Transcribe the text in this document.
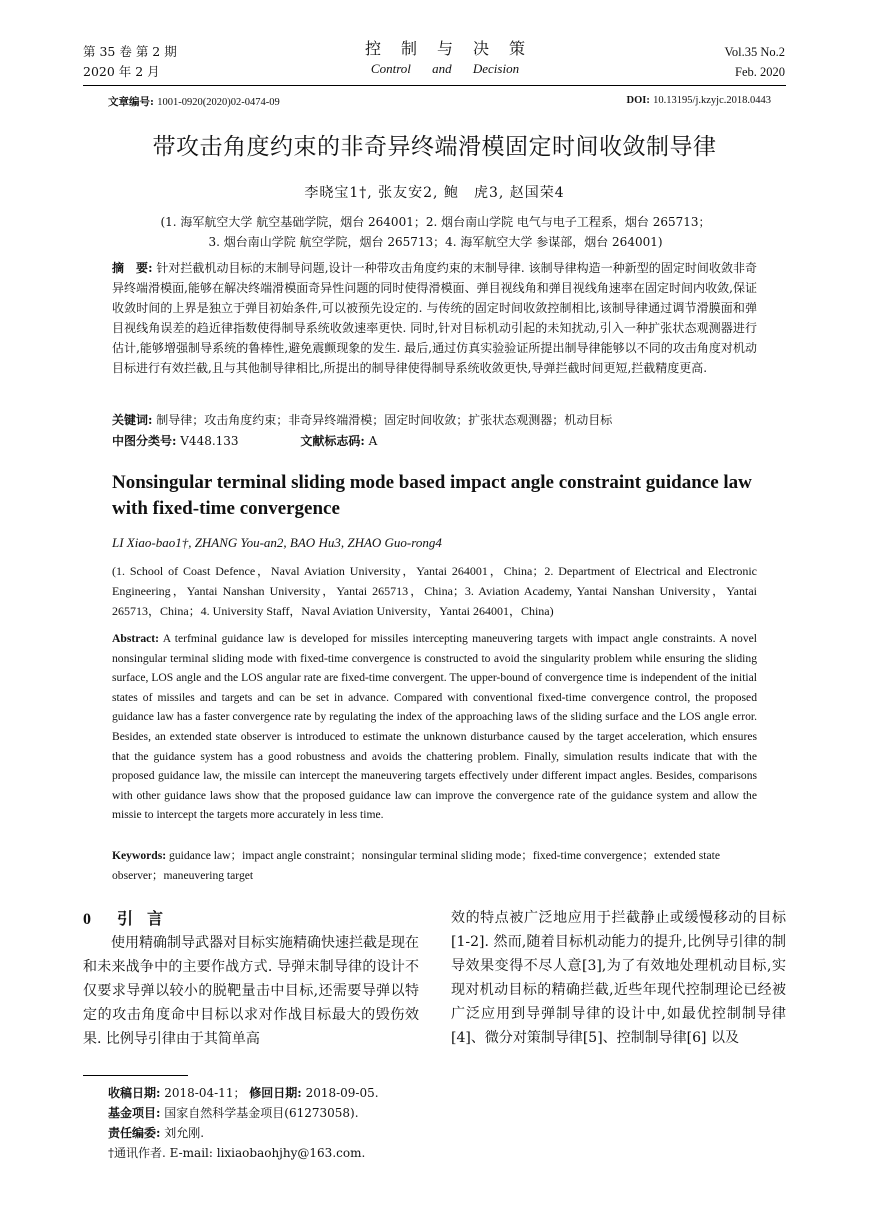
第 35 卷 第 2 期
2020 年 2 月
控制与决策
Control and Decision
Vol.35 No.2
Feb. 2020
文章编号: 1001-0920(2020)02-0474-09	DOI: 10.13195/j.kzyjc.2018.0443
带攻击角度约束的非奇异终端滑模固定时间收敛制导律
李晓宝1†, 张友安2, 鲍　虎3, 赵国荣4
(1. 海军航空大学 航空基础学院，烟台 264001；2. 烟台南山学院 电气与电子工程系，烟台 265713；
3. 烟台南山学院 航空学院，烟台 265713；4. 海军航空大学 参谋部，烟台 264001)
摘　要: 针对拦截机动目标的末制导问题,设计一种带攻击角度约束的末制导律. 该制导律构造一种新型的固定时间收敛非奇异终端滑模面,能够在解决终端滑模面奇异性问题的同时使得滑模面、弹目视线角和弹目视线角速率在固定时间内收敛,保证收敛时间的上界是独立于弹目初始条件,可以被预先设定的. 与传统的固定时间收敛控制相比,该制导律通过调节滑膜面和弹目视线角误差的趋近律指数使得制导系统收敛速率更快. 同时,针对目标机动引起的未知扰动,引入一种扩张状态观测器进行估计,能够增强制导系统的鲁棒性,避免震颤现象的发生. 最后,通过仿真实验验证所提出制导律能够以不同的攻击角度对机动目标进行有效拦截,且与其他制导律相比,所提出的制导律使得制导系统收敛更快,导弹拦截时间更短,拦截精度更高.
关键词: 制导律；攻击角度约束；非奇异终端滑模；固定时间收敛；扩张状态观测器；机动目标
中图分类号: V448.133	文献标志码: A
Nonsingular terminal sliding mode based impact angle constraint guidance law with fixed-time convergence
LI Xiao-bao1†, ZHANG You-an2, BAO Hu3, ZHAO Guo-rong4
(1. School of Coast Defence，Naval Aviation University，Yantai 264001，China；2. Department of Electrical and Electronic Engineering，Yantai Nanshan University，Yantai 265713，China；3. Aviation Academy, Yantai Nanshan University，Yantai 265713，China；4. University Staff，Naval Aviation University，Yantai 264001，China)
Abstract: A terfminal guidance law is developed for missiles intercepting maneuvering targets with impact angle constraints. A novel nonsingular terminal sliding mode with fixed-time convergence is constructed to avoid the singularity problem while ensuring the sliding surface, LOS angle and the LOS angular rate are fixed-time convergent. The upper-bound of convergence time is independent of the initial states of missiles and targets and can be set in advance. Compared with conventional fixed-time convergence control, the proposed guidance law has a faster convergence rate by regulating the index of the approaching laws of the sliding surface and the LOS angle error. Besides, an extended state observer is introduced to estimate the unknown disturbance caused by the target acceleration, which ensures that the guidance system has a good robustness and avoids the chattering problem. Finally, simulation results indicate that with the proposed guidance law, the missile can intercept the maneuvering targets effectively under different impact angles. Besides, comparisons with other guidance laws show that the proposed guidance law can improve the convergence rate of the guidance system and allow the missie to intercept the targets more accurately in less time.
Keywords: guidance law；impact angle constraint；nonsingular terminal sliding mode；fixed-time convergence；extended state observer；maneuvering target
0 引言
使用精确制导武器对目标实施精确快速拦截是现在和未来战争中的主要作战方式. 导弹末制导律的设计不仅要求导弹以较小的脱靶量击中目标,还需要导弹以特定的攻击角度命中目标以求对作战目标最大的毁伤效果. 比例导引律由于其简单高
效的特点被广泛地应用于拦截静止或缓慢移动的目标[1-2]. 然而,随着目标机动能力的提升,比例导引律的制导效果变得不尽人意[3],为了有效地处理机动目标,实现对机动目标的精确拦截,近些年现代控制理论已经被广泛应用到导弹制导律的设计中,如最优控制制导律[4]、微分对策制导律[5]、控制制导律[6] 以及
收稿日期: 2018-04-11； 修回日期: 2018-09-05.
基金项目: 国家自然科学基金项目(61273058).
责任编委: 刘允刚.
†通讯作者. E-mail: lixiaobaohjhy@163.com.
